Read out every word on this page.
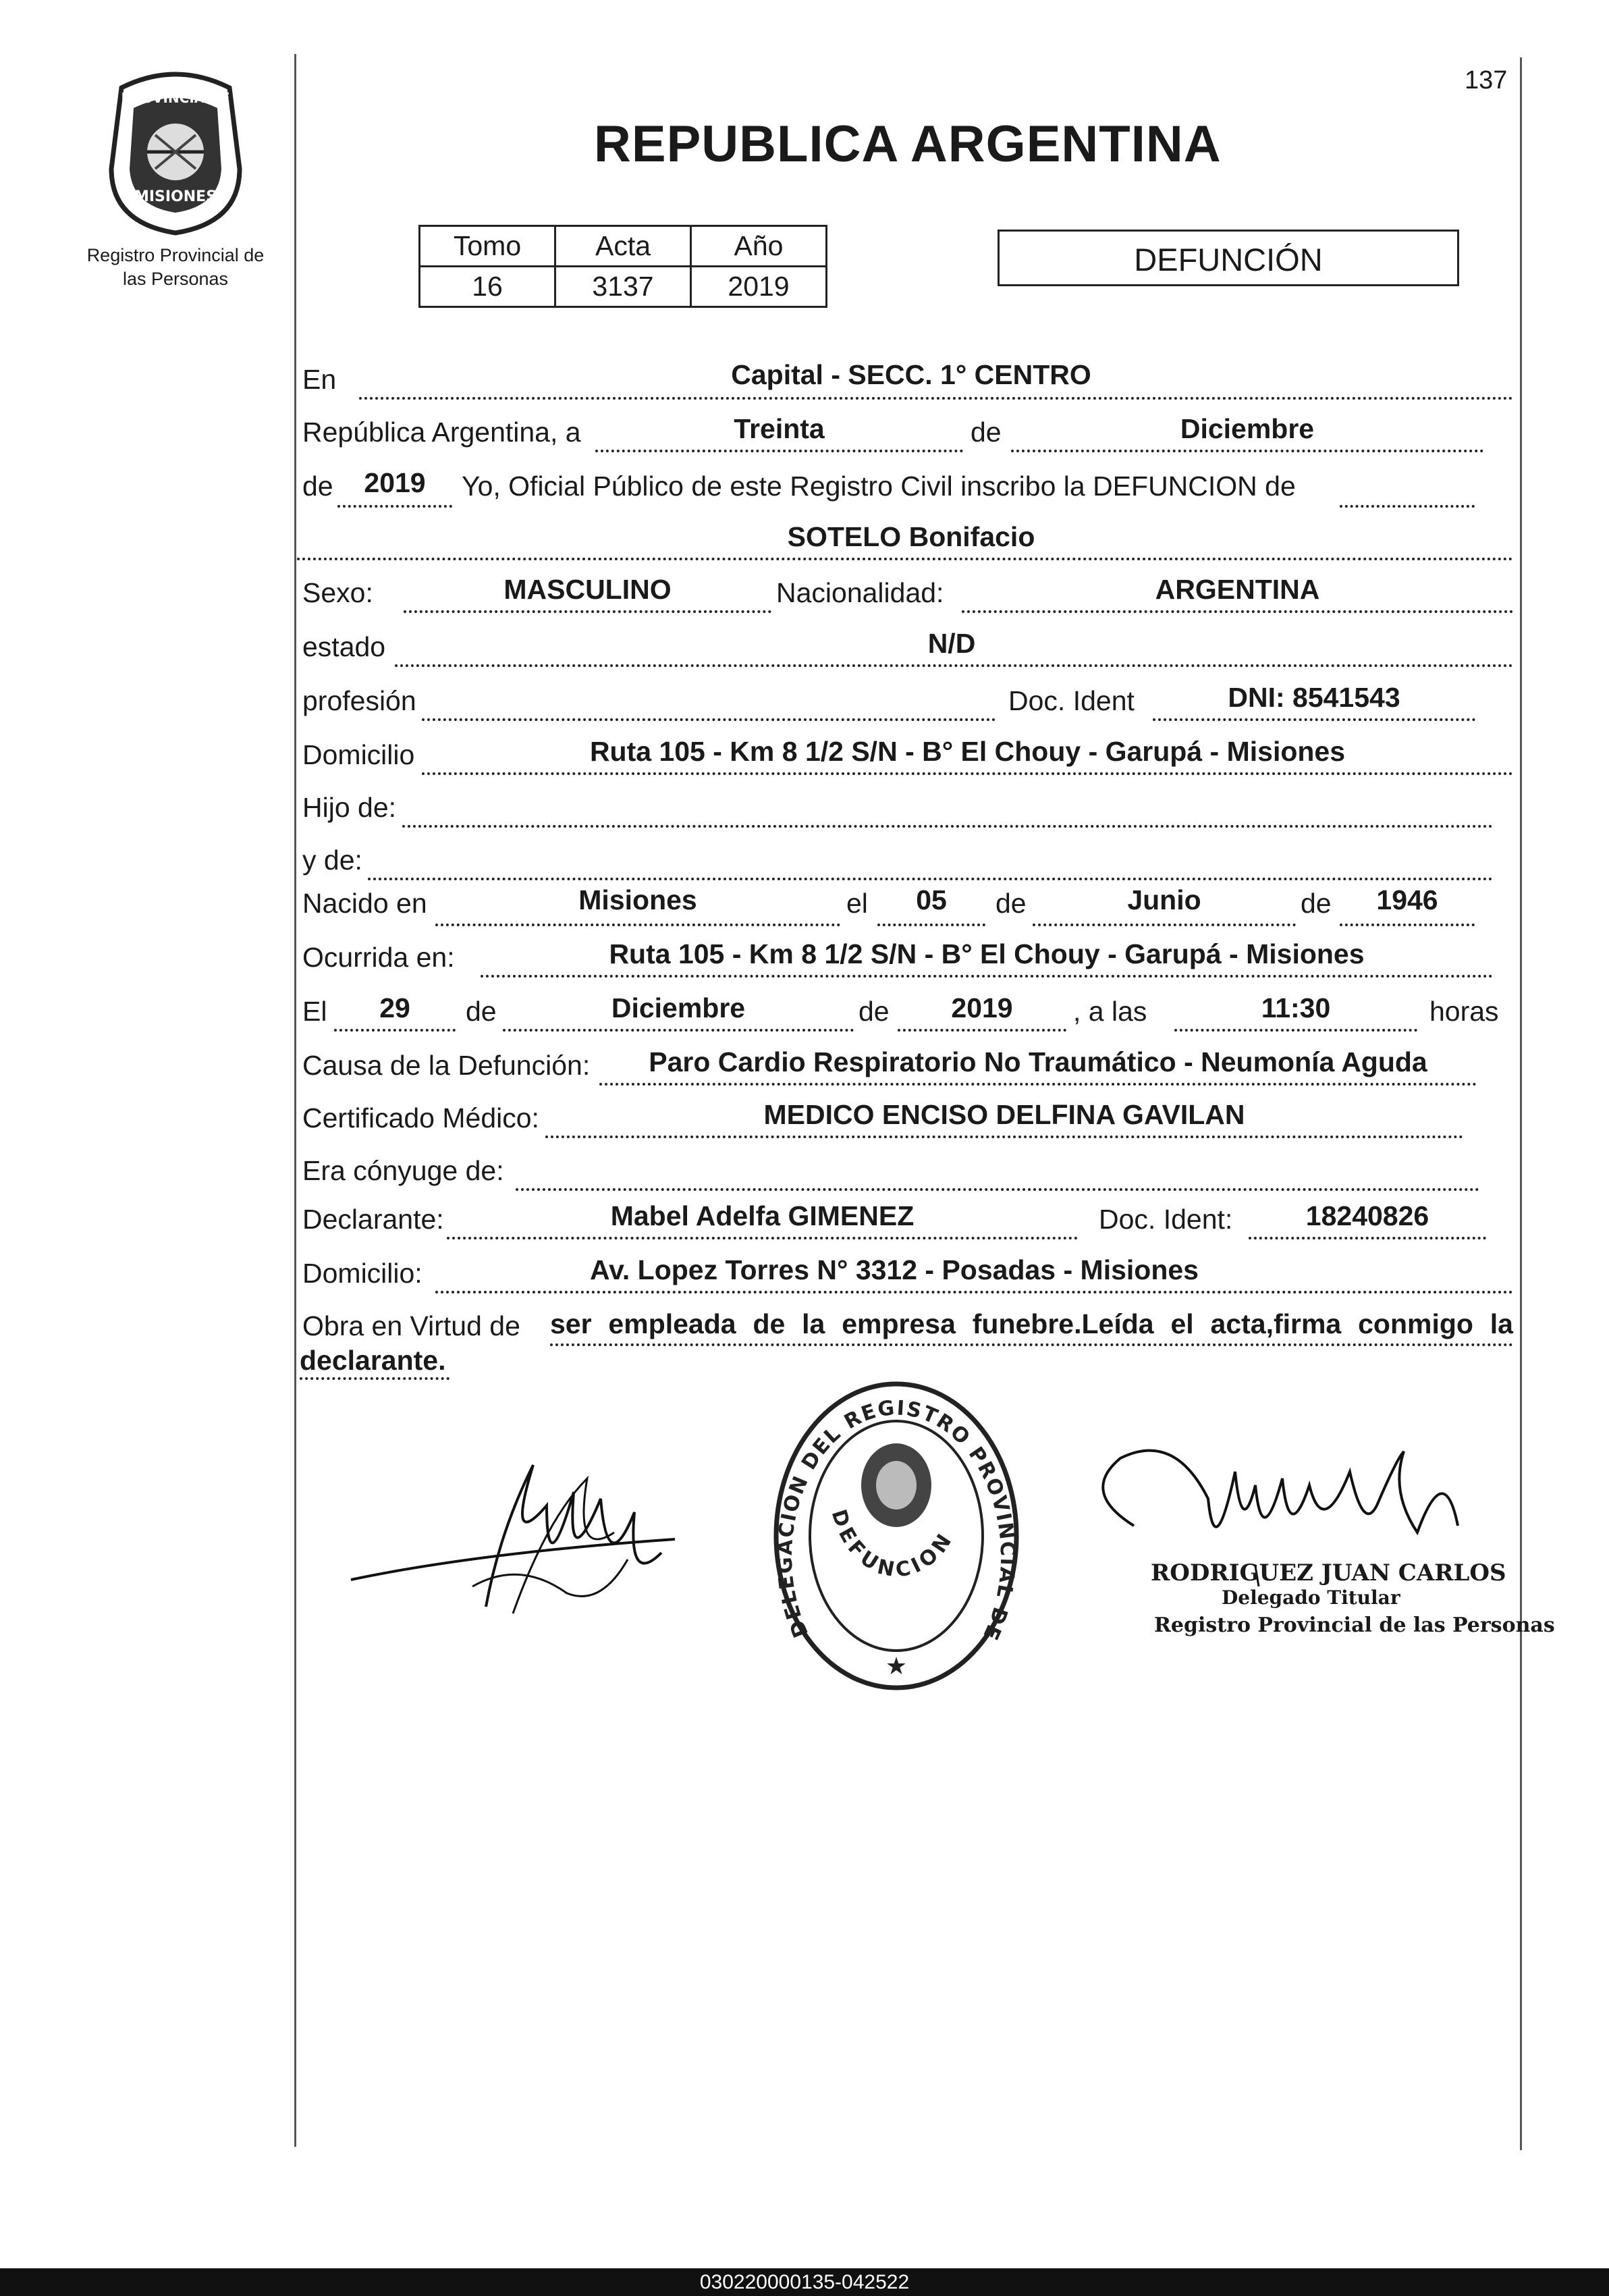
137
PROVINCIA DE
MISIONES
Registro Provincial de
las Personas
REPUBLICA ARGENTINA
Tomo	Acta	Año
16	3137	2019
DEFUNCIÓN
En	Capital - SECC. 1° CENTRO
República Argentina, a	Treinta	de	Diciembre
de	2019	Yo, Oficial Público de este Registro Civil inscribo la DEFUNCION de
SOTELO Bonifacio
Sexo:	MASCULINO	Nacionalidad:	ARGENTINA
estado	N/D
profesión	Doc. Ident	DNI: 8541543
Domicilio	Ruta 105 - Km 8 1/2 S/N - B° El Chouy - Garupá - Misiones
Hijo de:
y de:
Nacido en	Misiones	el	05	de	Junio	de	1946
Ocurrida en:	Ruta 105 - Km 8 1/2 S/N - B° El Chouy - Garupá - Misiones
El	29	de	Diciembre	de	2019	, a las	11:30	horas
Causa de la Defunción:	Paro Cardio Respiratorio No Traumático - Neumonía Aguda
Certificado Médico:	MEDICO ENCISO DELFINA GAVILAN
Era cónyuge de:
Declarante:	Mabel Adelfa GIMENEZ	Doc. Ident:	18240826
Domicilio:	Av. Lopez Torres N° 3312 - Posadas - Misiones
Obra en Virtud de ser empleada de la empresa funebre.Leída el acta,firma conmigo la
declarante.
DELEGACION DEL REGISTRO PROVINCIAL DE
DEFUNCION
★
RODRIGUEZ JUAN CARLOS
Delegado Titular
Registro Provincial de las Personas
030220000135-042522
